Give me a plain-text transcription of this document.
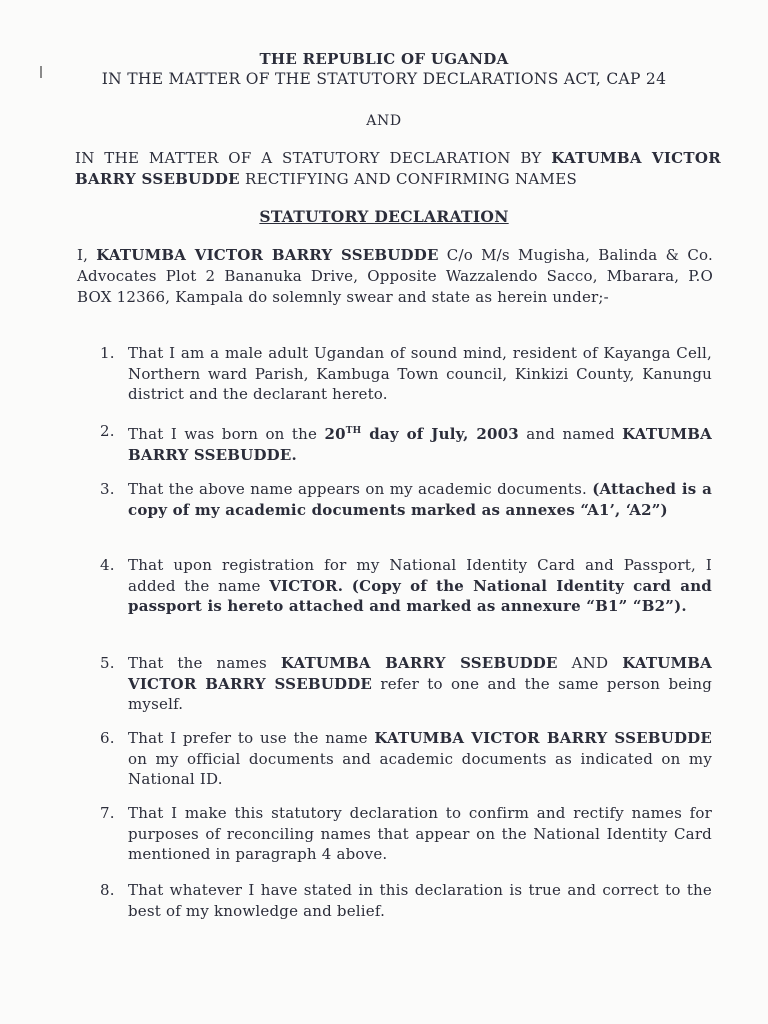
THE REPUBLIC OF UGANDA
IN THE MATTER OF THE STATUTORY DECLARATIONS ACT, CAP 24
AND
IN THE MATTER OF A STATUTORY DECLARATION BY KATUMBA VICTOR BARRY SSEBUDDE RECTIFYING AND CONFIRMING NAMES
STATUTORY DECLARATION
I, KATUMBA VICTOR BARRY SSEBUDDE C/o M/s Mugisha, Balinda & Co. Advocates Plot 2 Bananuka Drive, Opposite Wazzalendo Sacco, Mbarara, P.O BOX 12366, Kampala do solemnly swear and state as herein under;-
1. That I am a male adult Ugandan of sound mind, resident of Kayanga Cell, Northern ward Parish, Kambuga Town council, Kinkizi County, Kanungu district and the declarant hereto.
2. That I was born on the 20TH day of July, 2003 and named KATUMBA BARRY SSEBUDDE.
3. That the above name appears on my academic documents. (Attached is a copy of my academic documents marked as annexes “A1’, ‘A2”)
4. That upon registration for my National Identity Card and Passport, I added the name VICTOR. (Copy of the National Identity card and passport is hereto attached and marked as annexure “B1” “B2”).
5. That the names KATUMBA BARRY SSEBUDDE AND KATUMBA VICTOR BARRY SSEBUDDE refer to one and the same person being myself.
6. That I prefer to use the name KATUMBA VICTOR BARRY SSEBUDDE on my official documents and academic documents as indicated on my National ID.
7. That I make this statutory declaration to confirm and rectify names for purposes of reconciling names that appear on the National Identity Card mentioned in paragraph 4 above.
8. That whatever I have stated in this declaration is true and correct to the best of my knowledge and belief.
